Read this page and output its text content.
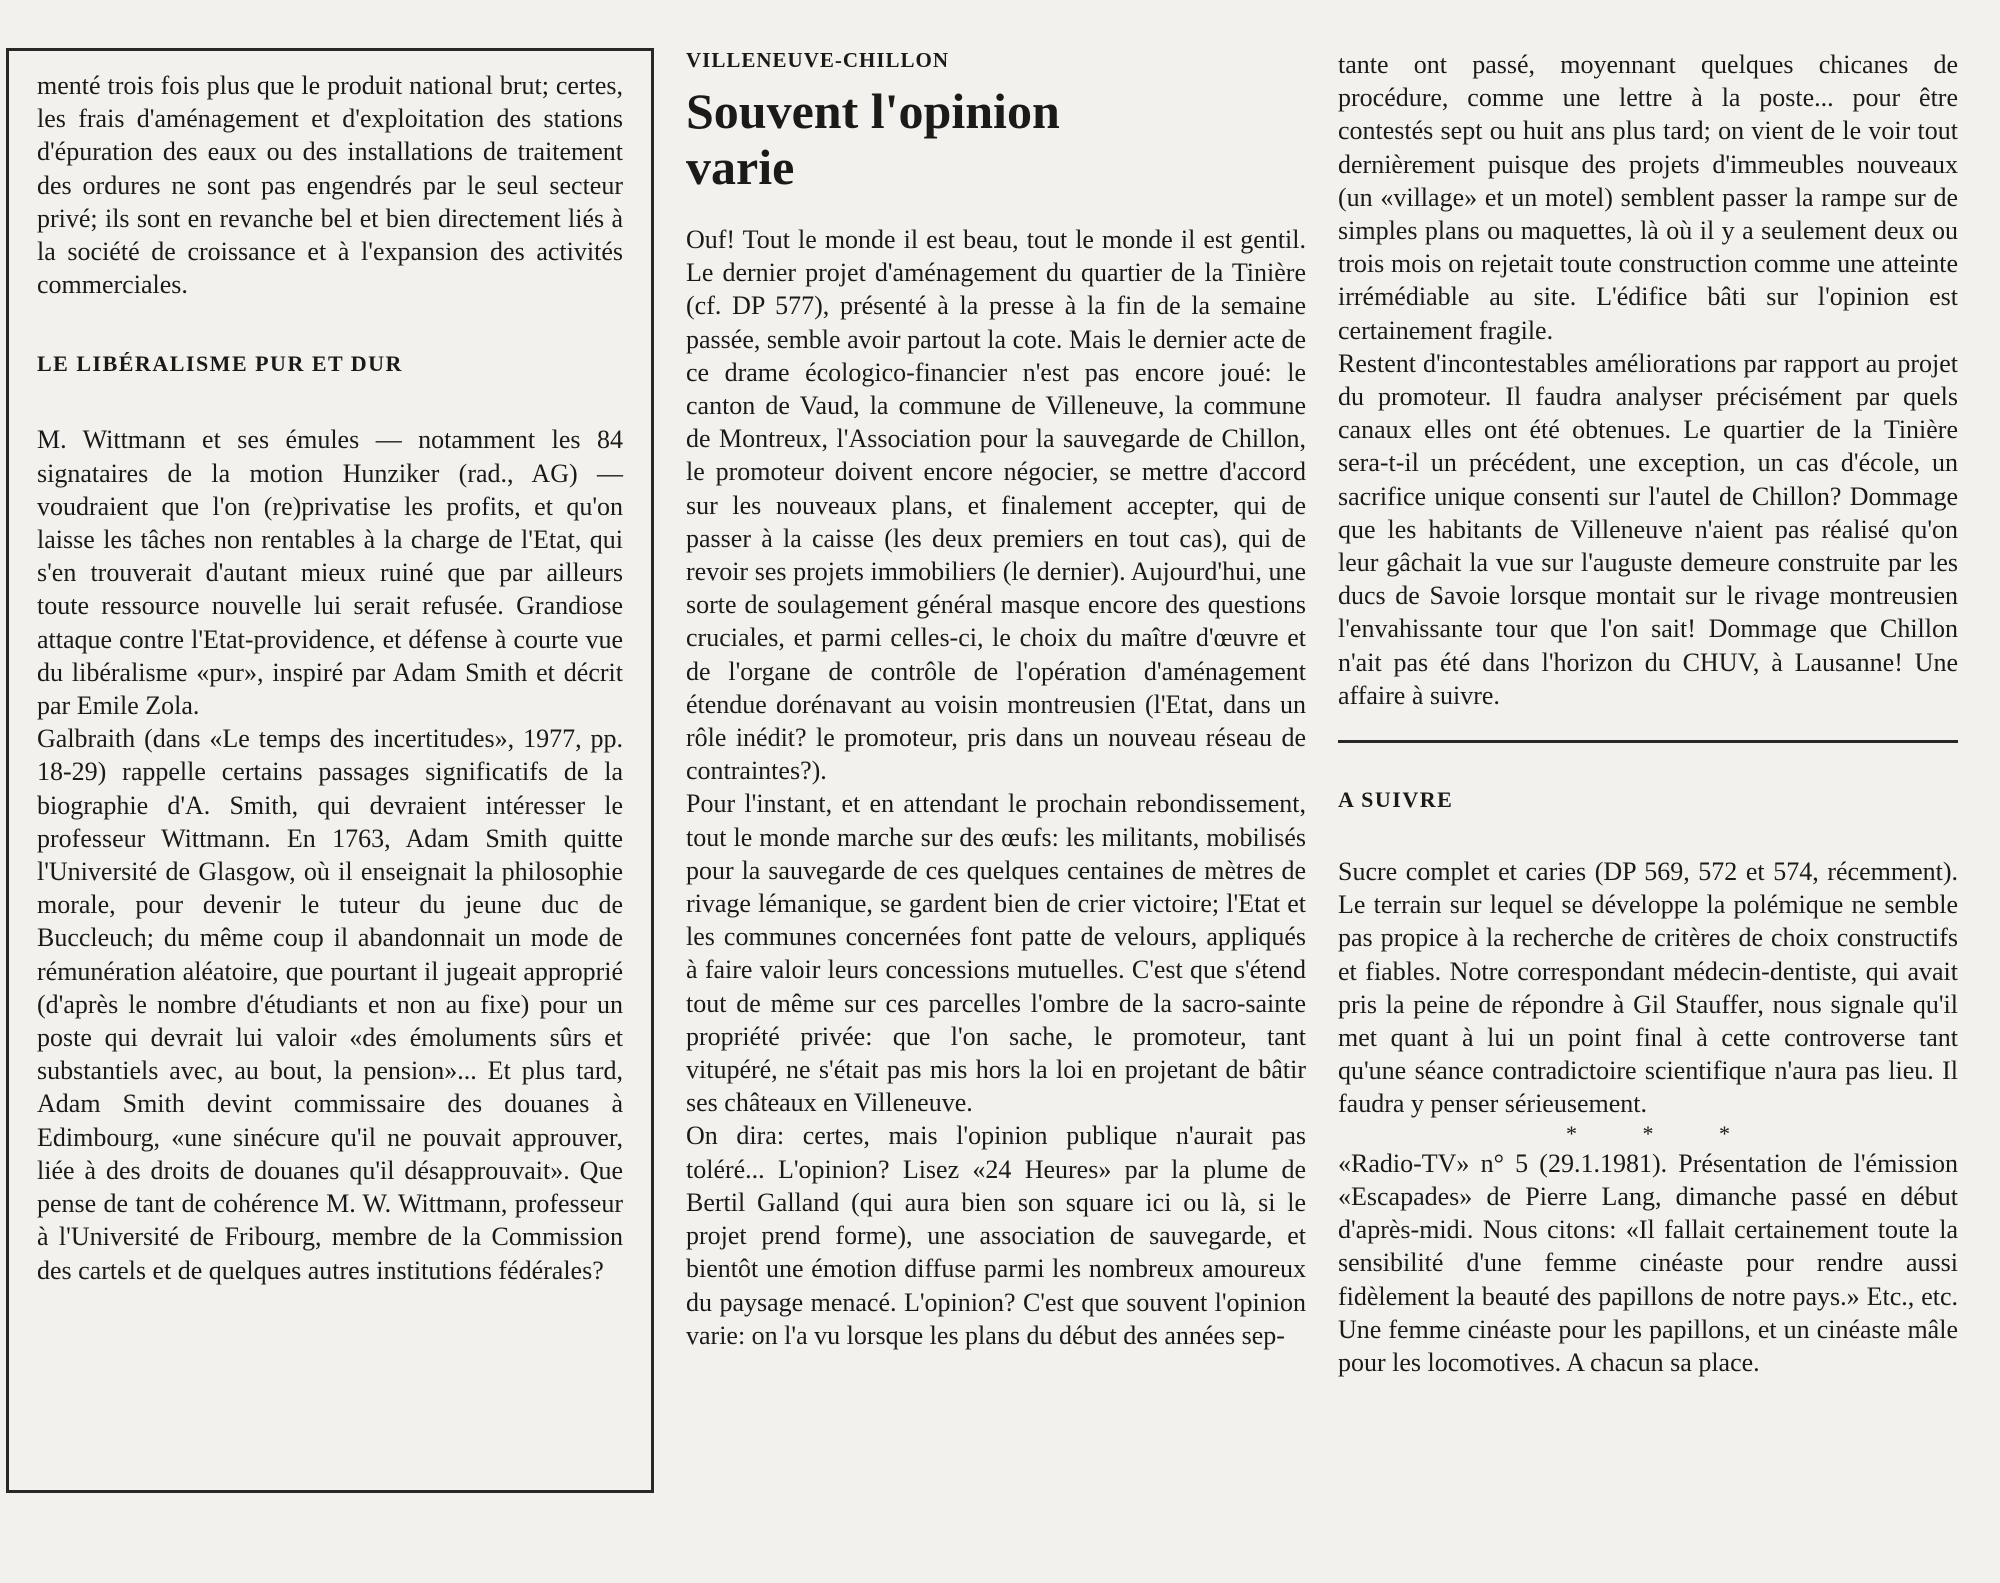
menté trois fois plus que le produit national brut; certes, les frais d'aménagement et d'exploitation des stations d'épuration des eaux ou des installations de traitement des ordures ne sont pas engendrés par le seul secteur privé; ils sont en revanche bel et bien directement liés à la société de croissance et à l'expansion des activités commerciales.

LE LIBÉRALISME PUR ET DUR

M. Wittmann et ses émules — notamment les 84 signataires de la motion Hunziker (rad., AG) — voudraient que l'on (re)privatise les profits, et qu'on laisse les tâches non rentables à la charge de l'Etat, qui s'en trouverait d'autant mieux ruiné que par ailleurs toute ressource nouvelle lui serait refusée. Grandiose attaque contre l'Etat-providence, et défense à courte vue du libéralisme «pur», inspiré par Adam Smith et décrit par Emile Zola.

Galbraith (dans «Le temps des incertitudes», 1977, pp. 18-29) rappelle certains passages significatifs de la biographie d'A. Smith, qui devraient intéresser le professeur Wittmann. En 1763, Adam Smith quitte l'Université de Glasgow, où il enseignait la philosophie morale, pour devenir le tuteur du jeune duc de Buccleuch; du même coup il abandonnait un mode de rémunération aléatoire, que pourtant il jugeait approprié (d'après le nombre d'étudiants et non au fixe) pour un poste qui devrait lui valoir «des émoluments sûrs et substantiels avec, au bout, la pension»... Et plus tard, Adam Smith devint commissaire des douanes à Edimbourg, «une sinécure qu'il ne pouvait approuver, liée à des droits de douanes qu'il désapprouvait». Que pense de tant de cohérence M. W. Wittmann, professeur à l'Université de Fribourg, membre de la Commission des cartels et de quelques autres institutions fédérales?

VILLENEUVE-CHILLON
Souvent l'opinion varie

Ouf! Tout le monde il est beau, tout le monde il est gentil. Le dernier projet d'aménagement du quartier de la Tinière (cf. DP 577), présenté à la presse à la fin de la semaine passée, semble avoir partout la cote. Mais le dernier acte de ce drame écologico-financier n'est pas encore joué: le canton de Vaud, la commune de Villeneuve, la commune de Montreux, l'Association pour la sauvegarde de Chillon, le promoteur doivent encore négocier, se mettre d'accord sur les nouveaux plans, et finalement accepter, qui de passer à la caisse (les deux premiers en tout cas), qui de revoir ses projets immobiliers (le dernier). Aujourd'hui, une sorte de soulagement général masque encore des questions cruciales, et parmi celles-ci, le choix du maître d'œuvre et de l'organe de contrôle de l'opération d'aménagement étendue dorénavant au voisin montreusien (l'Etat, dans un rôle inédit? le promoteur, pris dans un nouveau réseau de contraintes?).

Pour l'instant, et en attendant le prochain rebondissement, tout le monde marche sur des œufs: les militants, mobilisés pour la sauvegarde de ces quelques centaines de mètres de rivage lémanique, se gardent bien de crier victoire; l'Etat et les communes concernées font patte de velours, appliqués à faire valoir leurs concessions mutuelles. C'est que s'étend tout de même sur ces parcelles l'ombre de la sacro-sainte propriété privée: que l'on sache, le promoteur, tant vitupéré, ne s'était pas mis hors la loi en projetant de bâtir ses châteaux en Villeneuve.

On dira: certes, mais l'opinion publique n'aurait pas toléré... L'opinion? Lisez «24 Heures» par la plume de Bertil Galland (qui aura bien son square ici ou là, si le projet prend forme), une association de sauvegarde, et bientôt une émotion diffuse parmi les nombreux amoureux du paysage menacé. L'opinion? C'est que souvent l'opinion varie: on l'a vu lorsque les plans du début des années sep-

tante ont passé, moyennant quelques chicanes de procédure, comme une lettre à la poste... pour être contestés sept ou huit ans plus tard; on vient de le voir tout dernièrement puisque des projets d'immeubles nouveaux (un «village» et un motel) semblent passer la rampe sur de simples plans ou maquettes, là où il y a seulement deux ou trois mois on rejetait toute construction comme une atteinte irrémédiable au site. L'édifice bâti sur l'opinion est certainement fragile.

Restent d'incontestables améliorations par rapport au projet du promoteur. Il faudra analyser précisément par quels canaux elles ont été obtenues. Le quartier de la Tinière sera-t-il un précédent, une exception, un cas d'école, un sacrifice unique consenti sur l'autel de Chillon? Dommage que les habitants de Villeneuve n'aient pas réalisé qu'on leur gâchait la vue sur l'auguste demeure construite par les ducs de Savoie lorsque montait sur le rivage montreusien l'envahissante tour que l'on sait! Dommage que Chillon n'ait pas été dans l'horizon du CHUV, à Lausanne! Une affaire à suivre.

A SUIVRE

Sucre complet et caries (DP 569, 572 et 574, récemment). Le terrain sur lequel se développe la polémique ne semble pas propice à la recherche de critères de choix constructifs et fiables. Notre correspondant médecin-dentiste, qui avait pris la peine de répondre à Gil Stauffer, nous signale qu'il met quant à lui un point final à cette controverse tant qu'une séance contradictoire scientifique n'aura pas lieu. Il faudra y penser sérieusement.

* * *

«Radio-TV» n° 5 (29.1.1981). Présentation de l'émission «Escapades» de Pierre Lang, dimanche passé en début d'après-midi. Nous citons: «Il fallait certainement toute la sensibilité d'une femme cinéaste pour rendre aussi fidèlement la beauté des papillons de notre pays.» Etc., etc. Une femme cinéaste pour les papillons, et un cinéaste mâle pour les locomotives. A chacun sa place.
